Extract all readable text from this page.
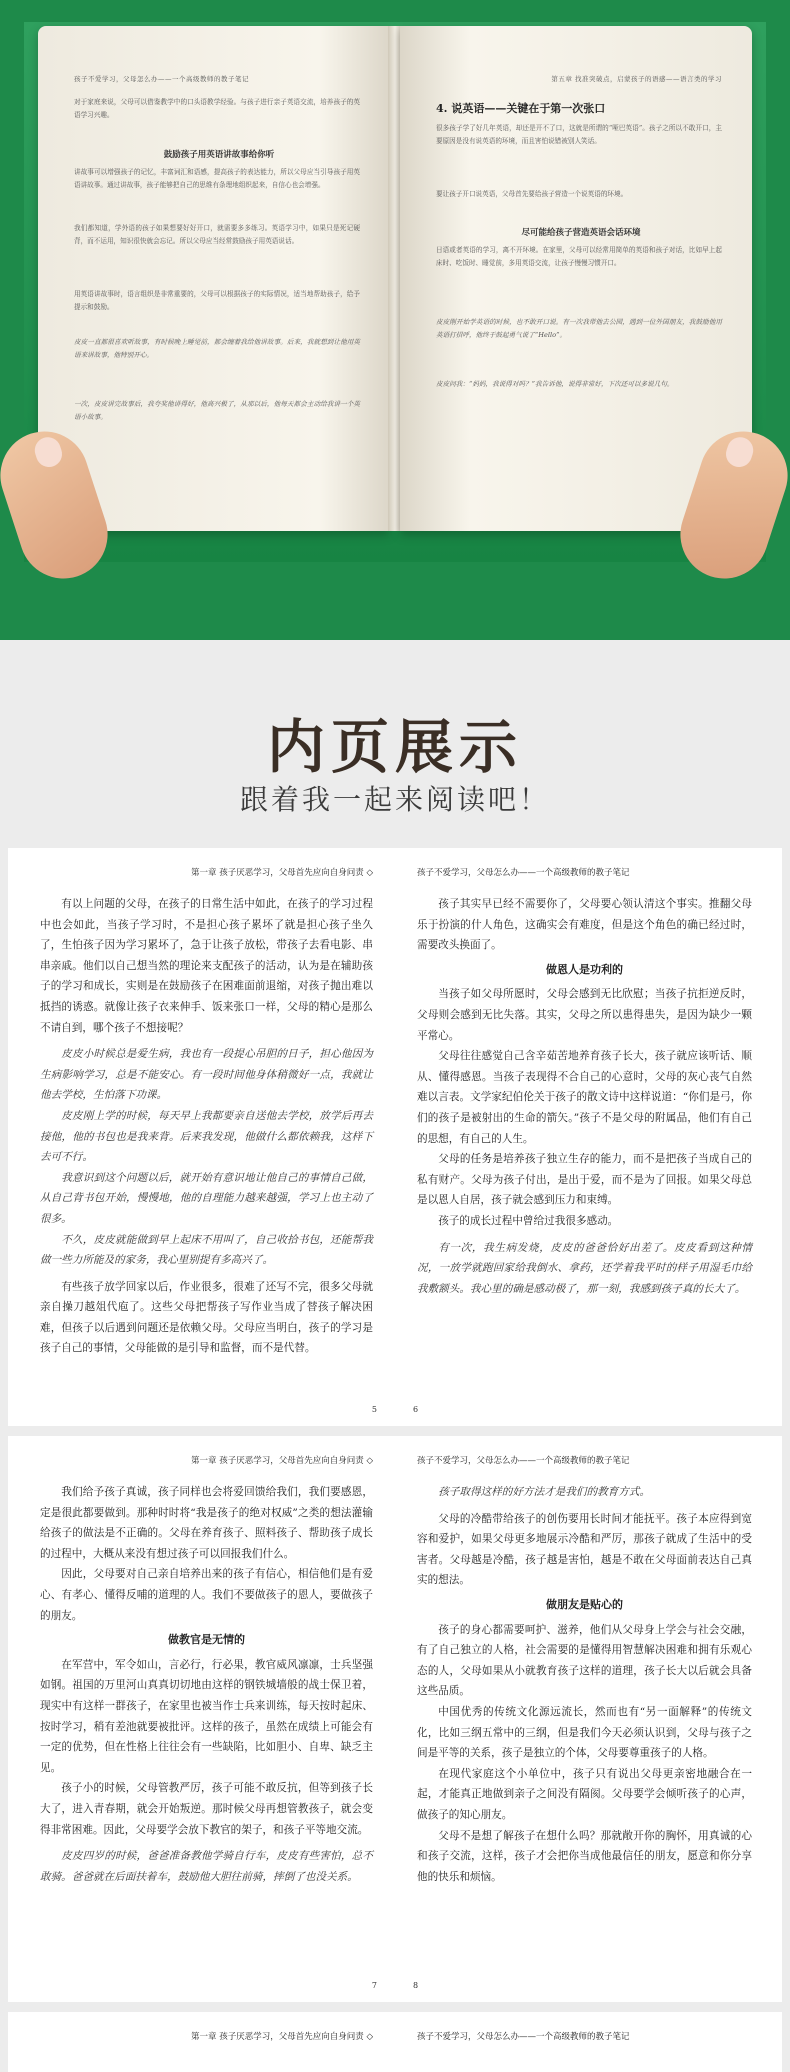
孩子不爱学习，父母怎么办——一个高级教师的教子笔记
对于家庭来说，父母可以借鉴教学中的口头语教学经验。与孩子进行亲子英语交流，培养孩子的英语学习兴趣。
鼓励孩子用英语讲故事给你听
讲故事可以增强孩子的记忆，丰富词汇和语感，提高孩子的表达能力，所以父母应当引导孩子用英语讲故事。通过讲故事，孩子能够把自己的思维有条理地组织起来，自信心也会增强。
我们都知道，学外语的孩子如果想要好好开口，就需要多多练习。英语学习中，如果只是死记硬背，而不运用，知识很快就会忘记。所以父母应当经常鼓励孩子用英语说话。
用英语讲故事时，语言组织是非常重要的，父母可以根据孩子的实际情况，适当地帮助孩子，给予提示和鼓励。
皮皮一直都很喜欢听故事，有时候晚上睡觉前，都会缠着我给他讲故事。后来，我就想到让他用英语来讲故事，他特别开心。
一次，皮皮讲完故事后，我夸奖他讲得好，他高兴极了，从那以后，他每天都会主动给我讲一个英语小故事。
第五章 找准突破点，启蒙孩子的语感——语言类的学习
4. 说英语——关键在于第一次张口
很多孩子学了好几年英语，却还是开不了口，这就是所谓的“哑巴英语”。孩子之所以不敢开口，主要原因是没有说英语的环境，而且害怕说错被别人笑话。
要让孩子开口说英语，父母首先要给孩子营造一个说英语的环境。
尽可能给孩子营造英语会话环境
日语或者英语的学习，离不开环境。在家里，父母可以经常用简单的英语和孩子对话，比如早上起床时、吃饭时、睡觉前，多用英语交流，让孩子慢慢习惯开口。
皮皮刚开始学英语的时候，也不敢开口说。有一次我带他去公园，遇到一位外国朋友，我鼓励他用英语打招呼，他终于鼓起勇气说了“Hello”。
皮皮问我：“妈妈，我说得对吗？”我告诉他，说得非常好，下次还可以多说几句。
内页展示
跟着我一起来阅读吧！
第一章 孩子厌恶学习，父母首先应向自身问责 ◇

有以上问题的父母，在孩子的日常生活中如此，在孩子的学习过程中也会如此，当孩子学习时，不是担心孩子累坏了就是担心孩子坐久了，生怕孩子因为学习累坏了，急于让孩子放松，带孩子去看电影、串串亲戚。他们以自己想当然的理论来支配孩子的活动，认为是在辅助孩子的学习和成长，实则是在鼓励孩子在困难面前退缩，对孩子抛出难以抵挡的诱惑。就像让孩子衣来伸手、饭来张口一样，父母的精心是那么不请自到，哪个孩子不想接呢？

皮皮小时候总是爱生病，我也有一段提心吊胆的日子，担心他因为生病影响学习，总是不能安心。有一段时间他身体稍微好一点，我就让他去学校，生怕落下功课。

皮皮刚上学的时候，每天早上我都要亲自送他去学校，放学后再去接他，他的书包也是我来背。后来我发现，他做什么都依赖我，这样下去可不行。

我意识到这个问题以后，就开始有意识地让他自己的事情自己做，从自己背书包开始，慢慢地，他的自理能力越来越强，学习上也主动了很多。

不久，皮皮就能做到早上起床不用叫了，自己收拾书包，还能帮我做一些力所能及的家务，我心里别提有多高兴了。

有些孩子放学回家以后，作业很多，很难了还写不完，很多父母就亲自操刀越俎代庖了。这些父母把帮孩子写作业当成了替孩子解决困难，但孩子以后遇到问题还是依赖父母。父母应当明白，孩子的学习是孩子自己的事情，父母能做的是引导和监督，而不是代替。

5
孩子不爱学习，父母怎么办——一个高级教师的教子笔记

孩子其实早已经不需要你了，父母要心领认清这个事实。推翻父母乐于扮演的什人角色，这确实会有难度，但是这个角色的确已经过时，需要改头换面了。

做恩人是功利的

当孩子如父母所愿时，父母会感到无比欣慰；当孩子抗拒逆反时，父母则会感到无比失落。其实，父母之所以患得患失，是因为缺少一颗平常心。

父母往往感觉自己含辛茹苦地养育孩子长大，孩子就应该听话、顺从、懂得感恩。当孩子表现得不合自己的心意时，父母的灰心丧气自然难以言表。文学家纪伯伦关于孩子的散文诗中这样说道：“你们是弓，你们的孩子是被射出的生命的箭矢。”孩子不是父母的附属品，他们有自己的思想，有自己的人生。

父母的任务是培养孩子独立生存的能力，而不是把孩子当成自己的私有财产。父母为孩子付出，是出于爱，而不是为了回报。如果父母总是以恩人自居，孩子就会感到压力和束缚。

孩子的成长过程中曾给过我很多感动。

有一次，我生病发烧，皮皮的爸爸恰好出差了。皮皮看到这种情况，一放学就跑回家给我倒水、拿药，还学着我平时的样子用湿毛巾给我敷额头。我心里的确是感动极了，那一刻，我感到孩子真的长大了。

6
第一章 孩子厌恶学习，父母首先应向自身问责 ◇

我们给予孩子真诚，孩子同样也会将爱回馈给我们，我们要感恩，定是很此都要做到。那种时时将“我是孩子的绝对权威”之类的想法灌输给孩子的做法是不正确的。父母在养育孩子、照料孩子、帮助孩子成长的过程中，大概从来没有想过孩子可以回报我们什么。

因此，父母要对自己亲自培养出来的孩子有信心，相信他们是有爱心、有孝心、懂得反哺的道理的人。我们不要做孩子的恩人，要做孩子的朋友。

做教官是无情的

在军营中，军令如山，言必行，行必果，教官威风凛凛，士兵坚强如钢。祖国的万里河山真真切切地由这样的钢铁城墙般的战士保卫着，现实中有这样一群孩子，在家里也被当作士兵来训练，每天按时起床、按时学习，稍有差池就要被批评。这样的孩子，虽然在成绩上可能会有一定的优势，但在性格上往往会有一些缺陷，比如胆小、自卑、缺乏主见。

孩子小的时候，父母管教严厉，孩子可能不敢反抗，但等到孩子长大了，进入青春期，就会开始叛逆。那时候父母再想管教孩子，就会变得非常困难。因此，父母要学会放下教官的架子，和孩子平等地交流。

皮皮四岁的时候，爸爸准备教他学骑自行车，皮皮有些害怕，总不敢骑。爸爸就在后面扶着车，鼓励他大胆往前骑，摔倒了也没关系。

7
孩子不爱学习，父母怎么办——一个高级教师的教子笔记

孩子取得这样的好方法才是我们的教育方式。

父母的冷酷带给孩子的创伤要用长时间才能抚平。孩子本应得到宽容和爱护，如果父母更多地展示冷酷和严厉，那孩子就成了生活中的受害者。父母越是冷酷，孩子越是害怕，越是不敢在父母面前表达自己真实的想法。

做朋友是贴心的

孩子的身心都需要呵护、滋养，他们从父母身上学会与社会交融，有了自己独立的人格，社会需要的是懂得用智慧解决困难和拥有乐观心态的人，父母如果从小就教育孩子这样的道理，孩子长大以后就会具备这些品质。

中国优秀的传统文化源远流长，然而也有“另一面解释”的传统文化，比如三纲五常中的三纲，但是我们今天必须认识到，父母与孩子之间是平等的关系，孩子是独立的个体，父母要尊重孩子的人格。

在现代家庭这个小单位中，孩子只有说出父母更亲密地融合在一起，才能真正地做到亲子之间没有隔阂。父母要学会倾听孩子的心声，做孩子的知心朋友。

父母不是想了解孩子在想什么吗？那就敞开你的胸怀，用真诚的心和孩子交流，这样，孩子才会把你当成他最信任的朋友，愿意和你分享他的快乐和烦恼。

8
第一章 孩子厌恶学习，父母首先应向自身问责 ◇	孩子不爱学习，父母怎么办——一个高级教师的教子笔记
